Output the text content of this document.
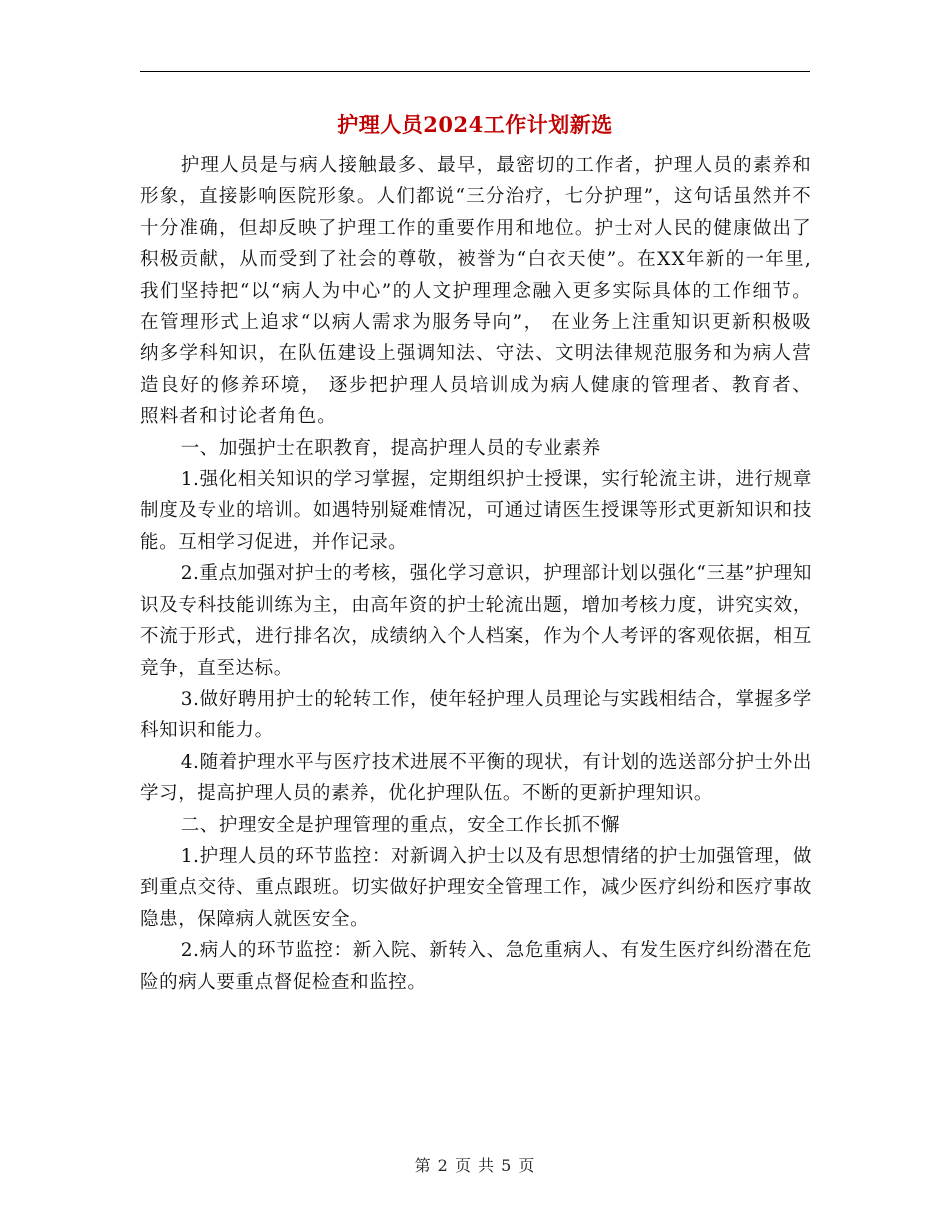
护理人员2024工作计划新选

护理人员是与病人接触最多、最早，最密切的工作者，护理人员的素养和形象，直接影响医院形象。人们都说“三分治疗，七分护理”，这句话虽然并不十分准确，但却反映了护理工作的重要作用和地位。护士对人民的健康做出了积极贡献，从而受到了社会的尊敬，被誉为“白衣天使”。在XX年新的一年里,我们坚持把“以“病人为中心”的人文护理理念融入更多实际具体的工作细节。在管理形式上追求“以病人需求为服务导向”， 在业务上注重知识更新积极吸纳多学科知识，在队伍建设上强调知法、守法、文明法律规范服务和为病人营造良好的修养环境， 逐步把护理人员培训成为病人健康的管理者、教育者、 照料者和讨论者角色。

一、加强护士在职教育，提高护理人员的专业素养

1.强化相关知识的学习掌握，定期组织护士授课，实行轮流主讲，进行规章制度及专业的培训。如遇特别疑难情况，可通过请医生授课等形式更新知识和技能。互相学习促进，并作记录。

2.重点加强对护士的考核，强化学习意识，护理部计划以强化“三基”护理知识及专科技能训练为主，由高年资的护士轮流出题，增加考核力度，讲究实效，不流于形式，进行排名次，成绩纳入个人档案，作为个人考评的客观依据，相互竞争，直至达标。

3.做好聘用护士的轮转工作，使年轻护理人员理论与实践相结合，掌握多学科知识和能力。

4.随着护理水平与医疗技术进展不平衡的现状，有计划的选送部分护士外出学习，提高护理人员的素养，优化护理队伍。不断的更新护理知识。

二、护理安全是护理管理的重点，安全工作长抓不懈

1.护理人员的环节监控：对新调入护士以及有思想情绪的护士加强管理，做到重点交待、重点跟班。切实做好护理安全管理工作，减少医疗纠纷和医疗事故隐患，保障病人就医安全。

2.病人的环节监控：新入院、新转入、急危重病人、有发生医疗纠纷潜在危险的病人要重点督促检查和监控。

第 2 页 共 5 页
